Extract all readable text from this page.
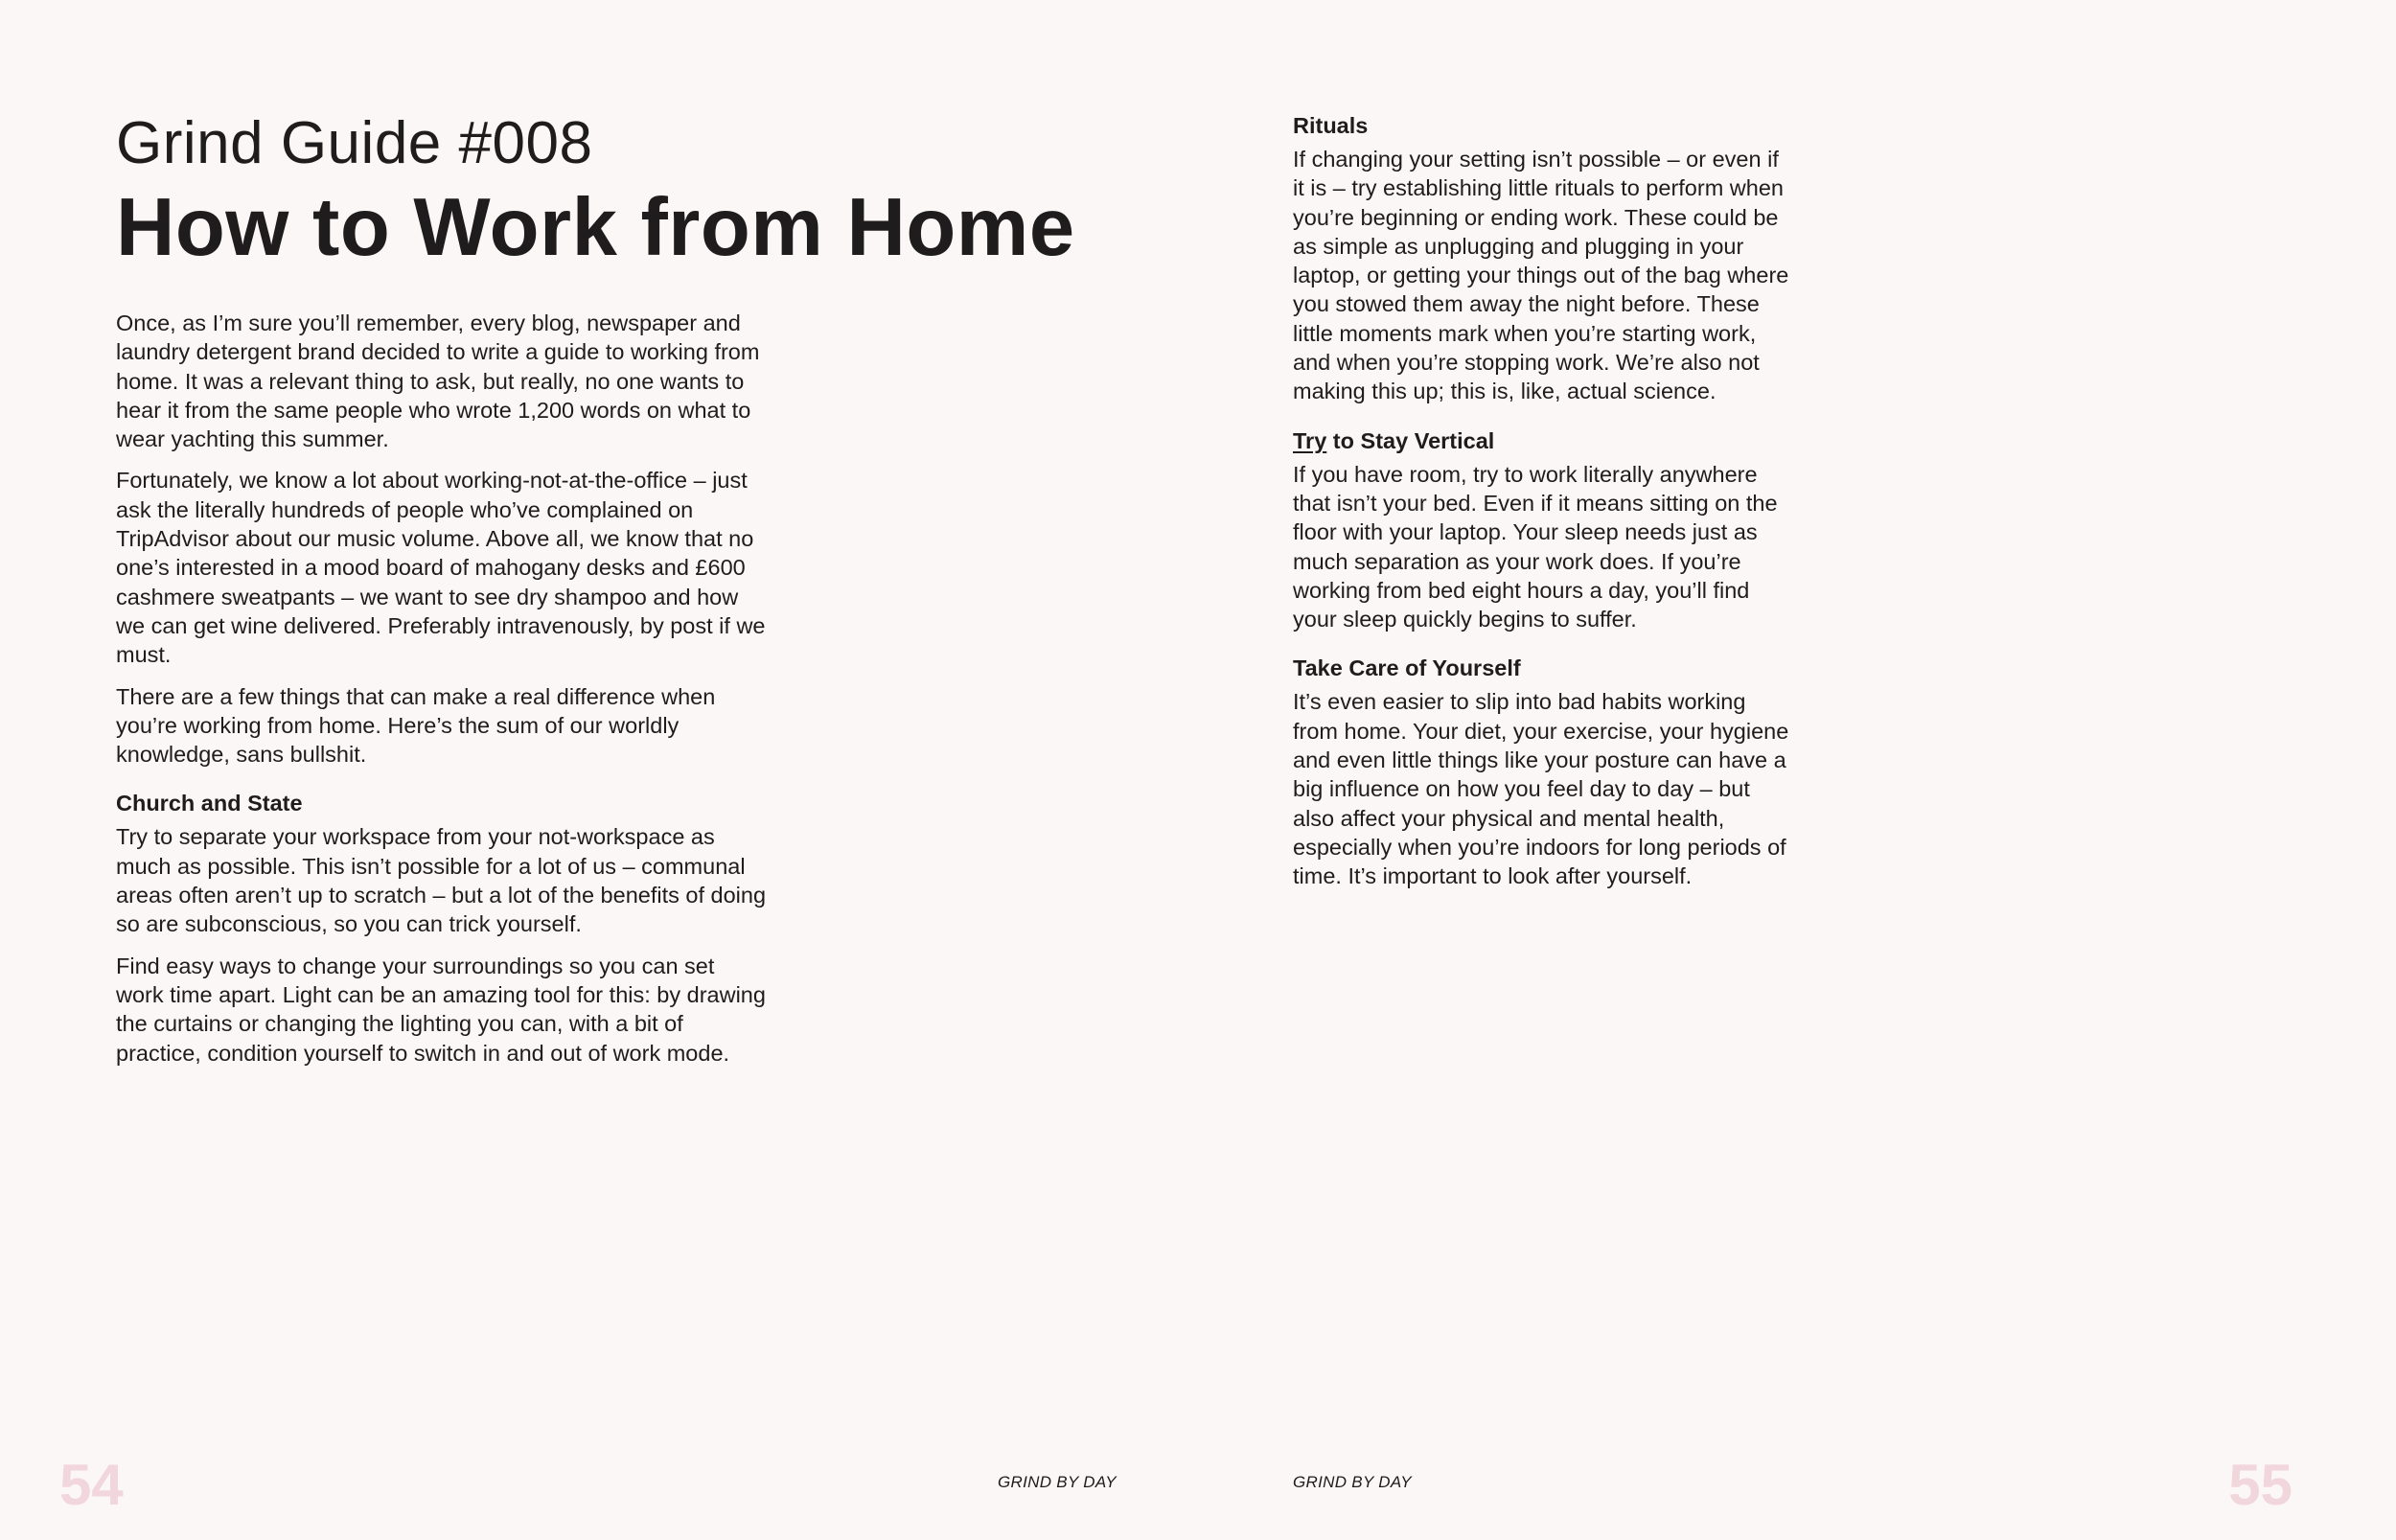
Grind Guide #008
How to Work from Home

Once, as I’m sure you’ll remember, every blog, newspaper and laundry detergent brand decided to write a guide to working from home. It was a relevant thing to ask, but really, no one wants to hear it from the same people who wrote 1,200 words on what to wear yachting this summer.

Fortunately, we know a lot about working-not-at-the-office – just ask the literally hundreds of people who’ve complained on TripAdvisor about our music volume. Above all, we know that no one’s interested in a mood board of mahogany desks and £600 cashmere sweatpants – we want to see dry shampoo and how we can get wine delivered. Preferably intravenously, by post if we must.

There are a few things that can make a real difference when you’re working from home. Here’s the sum of our worldly knowledge, sans bullshit.

Church and State

Try to separate your workspace from your not-workspace as much as possible. This isn’t possible for a lot of us – communal areas often aren’t up to scratch – but a lot of the benefits of doing so are subconscious, so you can trick yourself.

Find easy ways to change your surroundings so you can set work time apart. Light can be an amazing tool for this: by drawing the curtains or changing the lighting you can, with a bit of practice, condition yourself to switch in and out of work mode.

54	GRIND BY DAY
Rituals

If changing your setting isn’t possible – or even if it is – try establishing little rituals to perform when you’re beginning or ending work. These could be as simple as unplugging and plugging in your laptop, or getting your things out of the bag where you stowed them away the night before. These little moments mark when you’re starting work, and when you’re stopping work. We’re also not making this up; this is, like, actual science.

Try to Stay Vertical

If you have room, try to work literally anywhere that isn’t your bed. Even if it means sitting on the floor with your laptop. Your sleep needs just as much separation as your work does. If you’re working from bed eight hours a day, you’ll find your sleep quickly begins to suffer.

Take Care of Yourself

It’s even easier to slip into bad habits working from home. Your diet, your exercise, your hygiene and even little things like your posture can have a big influence on how you feel day to day – but also affect your physical and mental health, especially when you’re indoors for long periods of time. It’s important to look after yourself.

GRIND BY DAY	55
